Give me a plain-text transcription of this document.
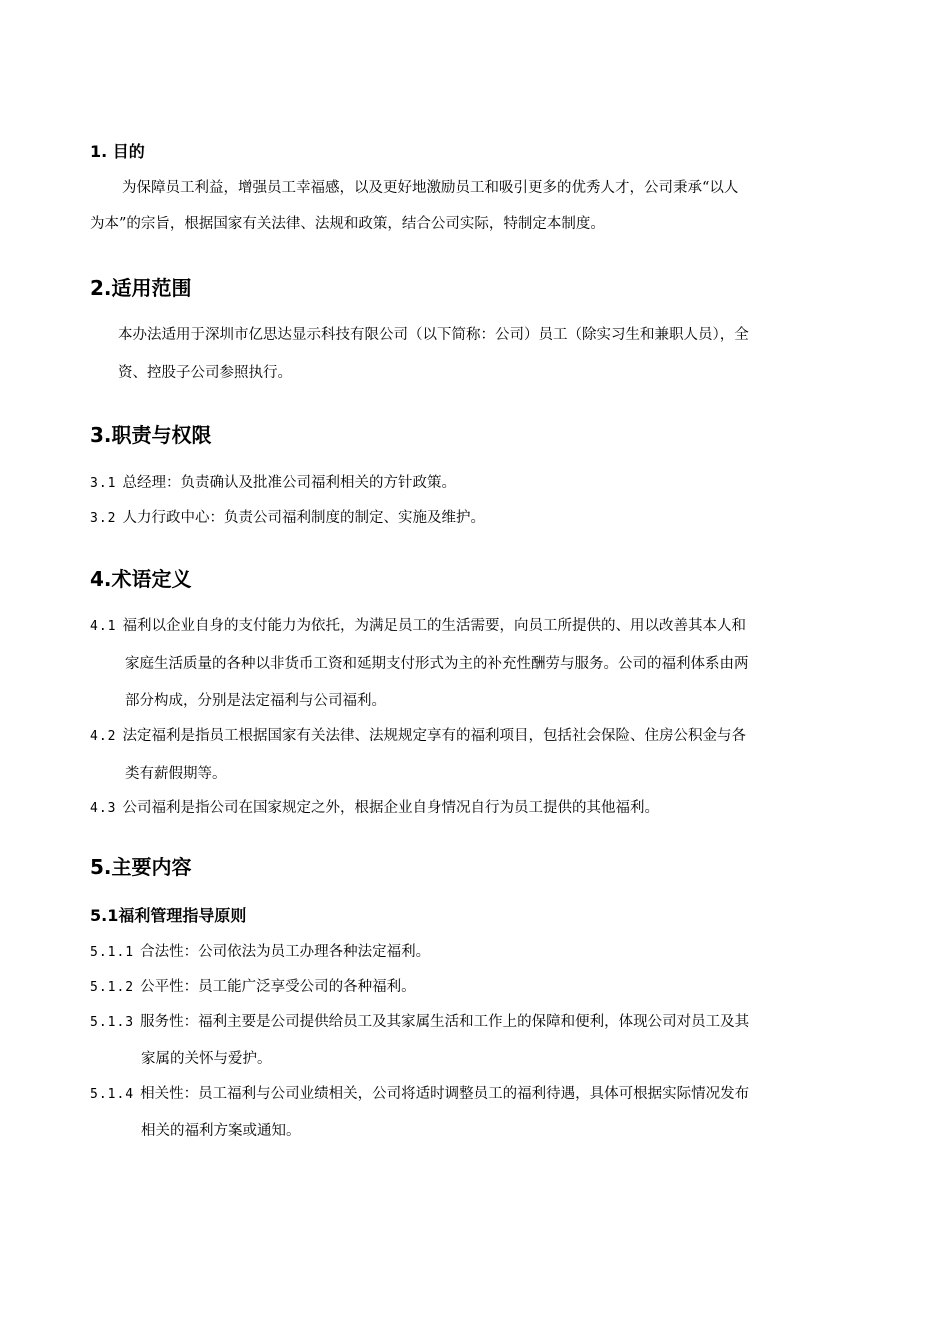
1. 目的
为保障员工利益，增强员工幸福感，以及更好地激励员工和吸引更多的优秀人才，公司秉承“以人
为本”的宗旨，根据国家有关法律、法规和政策，结合公司实际，特制定本制度。
2.适用范围
本办法适用于深圳市亿思达显示科技有限公司（以下简称：公司）员工（除实习生和兼职人员），全
资、控股子公司参照执行。
3.职责与权限
3.1 总经理：负责确认及批准公司福利相关的方针政策。
3.2 人力行政中心：负责公司福利制度的制定、实施及维护。
4.术语定义
4.1 福利以企业自身的支付能力为依托，为满足员工的生活需要，向员工所提供的、用以改善其本人和
家庭生活质量的各种以非货币工资和延期支付形式为主的补充性酬劳与服务。公司的福利体系由两
部分构成，分别是法定福利与公司福利。
4.2 法定福利是指员工根据国家有关法律、法规规定享有的福利项目，包括社会保险、住房公积金与各
类有薪假期等。
4.3 公司福利是指公司在国家规定之外，根据企业自身情况自行为员工提供的其他福利。
5.主要内容
5.1福利管理指导原则
5.1.1 合法性：公司依法为员工办理各种法定福利。
5.1.2 公平性：员工能广泛享受公司的各种福利。
5.1.3 服务性：福利主要是公司提供给员工及其家属生活和工作上的保障和便利，体现公司对员工及其
家属的关怀与爱护。
5.1.4 相关性：员工福利与公司业绩相关，公司将适时调整员工的福利待遇，具体可根据实际情况发布
相关的福利方案或通知。
